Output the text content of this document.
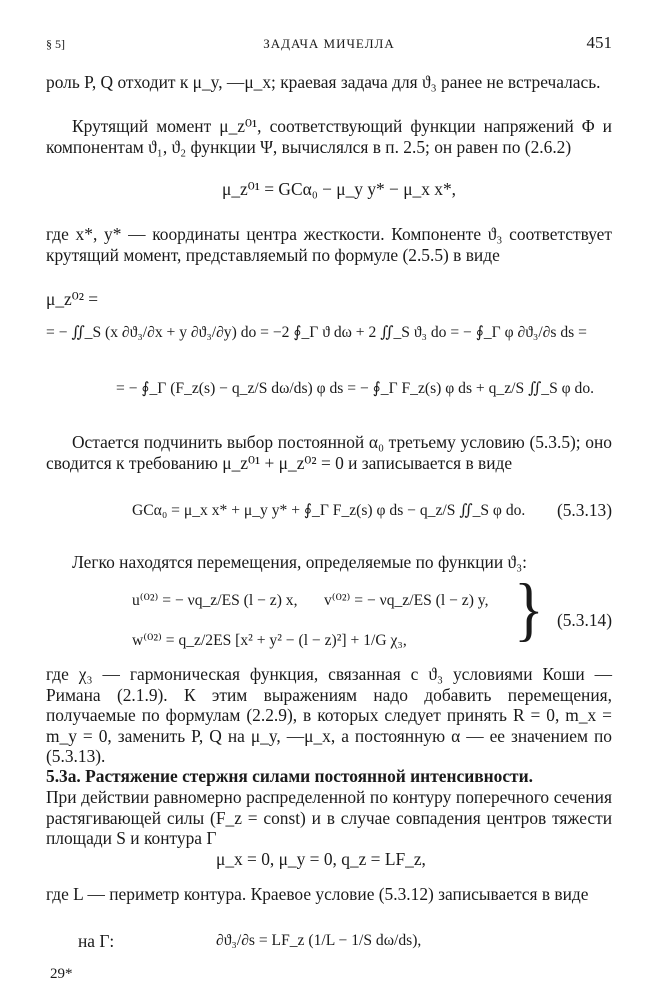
§ 5]	ЗАДАЧА МИЧЕЛЛА	451
роль P, Q отходит к μ_y, —μ_x; краевая задача для ϑ₃ ранее не встречалась.
Крутящий момент μ_z⁰¹, соответствующий функции напряжений Φ и компонентам ϑ₁, ϑ₂ функции Ψ, вычислялся в п. 2.5; он равен по (2.6.2)
μ_z⁰¹ = GCα₀ − μ_y y* − μ_x x*,
где x*, y* — координаты центра жесткости. Компоненте ϑ₃ соответствует крутящий момент, представляемый по формуле (2.5.5) в виде
μ_z⁰² =
= − ∬_S (x ∂ϑ₃/∂x + y ∂ϑ₃/∂y) do = −2 ∮_Γ ϑ dω + 2 ∬_S ϑ₃ do = − ∮_Γ φ ∂ϑ₃/∂s ds =
= − ∮_Γ (F_z(s) − q_z/S dω/ds) φ ds = − ∮_Γ F_z(s) φ ds + q_z/S ∬_S φ do.
Остается подчинить выбор постоянной α₀ третьему условию (5.3.5); оно сводится к требованию μ_z⁰¹ + μ_z⁰² = 0 и записывается в виде
GCα₀ = μ_x x* + μ_y y* + ∮_Γ F_z(s) φ ds − q_z/S ∬_S φ do. (5.3.13)
Легко находятся перемещения, определяемые по функции ϑ₃:
u⁽⁰²⁾ = − νq_z/ES (l − z) x, v⁽⁰²⁾ = − νq_z/ES (l − z) y,
w⁽⁰²⁾ = q_z/2ES [x² + y² − (l − z)²] + 1/G χ₃, } (5.3.14)
где χ₃ — гармоническая функция, связанная с ϑ₃ условиями Коши — Римана (2.1.9). К этим выражениям надо добавить перемещения, получаемые по формулам (2.2.9), в которых следует принять R = 0, m_x = m_y = 0, заменить P, Q на μ_y, —μ_x, а постоянную α — ее значением по (5.3.13).
5.3а. Растяжение стержня силами постоянной интенсивности.
При действии равномерно распределенной по контуру поперечного сечения растягивающей силы (F_z = const) и в случае совпадения центров тяжести площади S и контура Γ
μ_x = 0, μ_y = 0, q_z = LF_z,
где L — периметр контура. Краевое условие (5.3.12) записывается в виде
на Γ:	∂ϑ₃/∂s = LF_z (1/L − 1/S dω/ds),
29*
